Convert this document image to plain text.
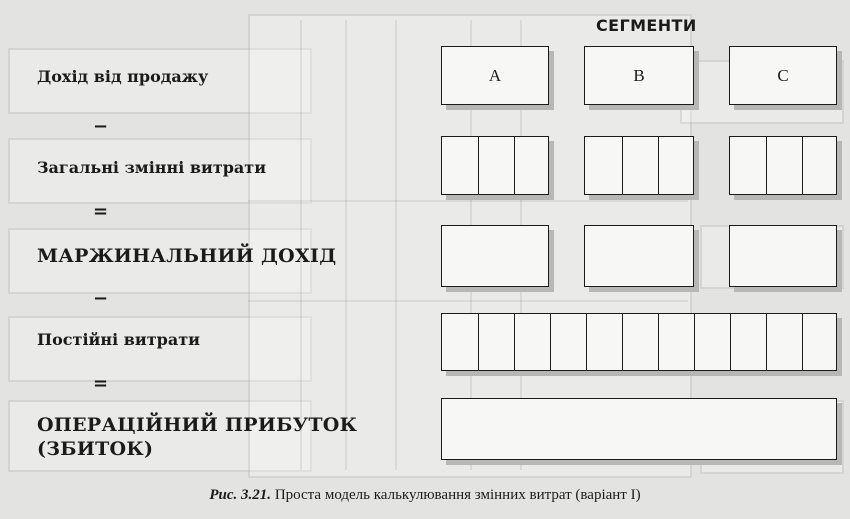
Дохід від продажу
−
Загальні змінні витрати
=
МАРЖИНАЛЬНИЙ ДОХІД
−
Постійні витрати
=
ОПЕРАЦІЙНИЙ ПРИБУТОК
(ЗБИТОК)
СЕГМЕНТИ
A	B	C
Рис. 3.21. Проста модель калькулювання змінних витрат (варіант І)
